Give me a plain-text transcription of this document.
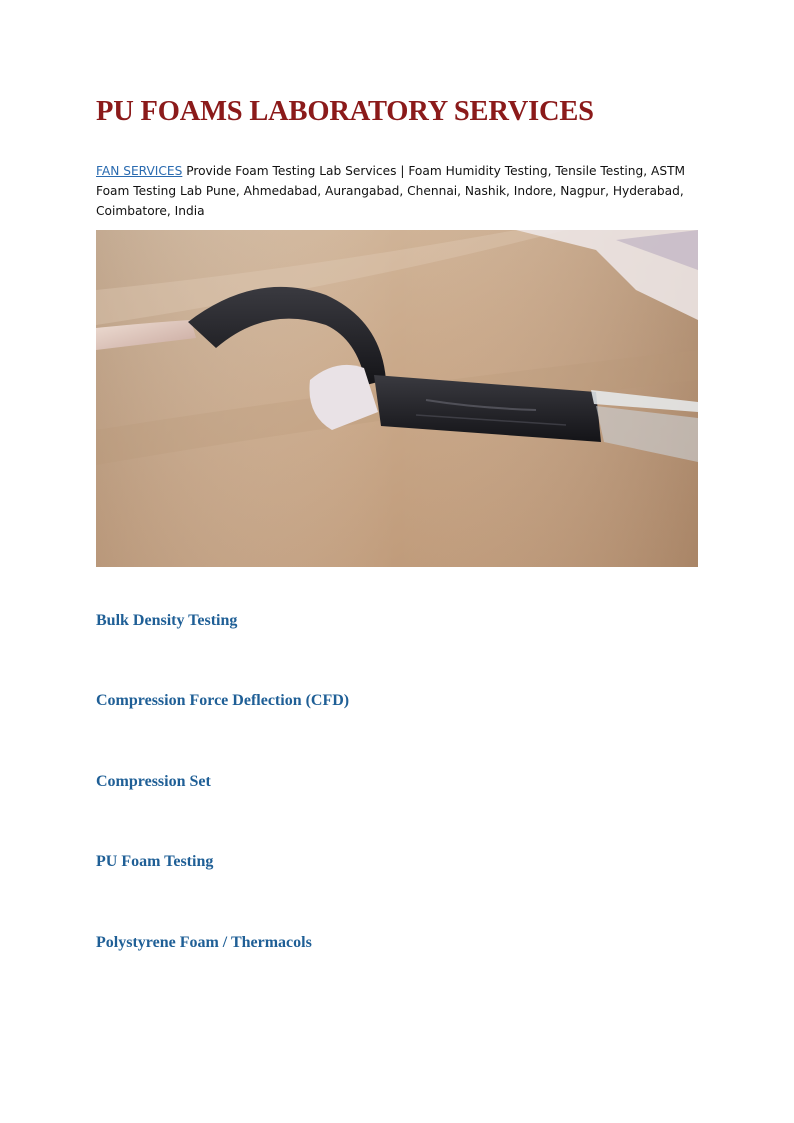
PU FOAMS LABORATORY SERVICES

FAN SERVICES Provide Foam Testing Lab Services | Foam Humidity Testing, Tensile Testing, ASTM Foam Testing Lab Pune, Ahmedabad, Aurangabad, Chennai, Nashik, Indore, Nagpur, Hyderabad, Coimbatore, India

Bulk Density Testing
Compression Force Deflection (CFD)
Compression Set
PU Foam Testing
Polystyrene Foam / Thermacols
